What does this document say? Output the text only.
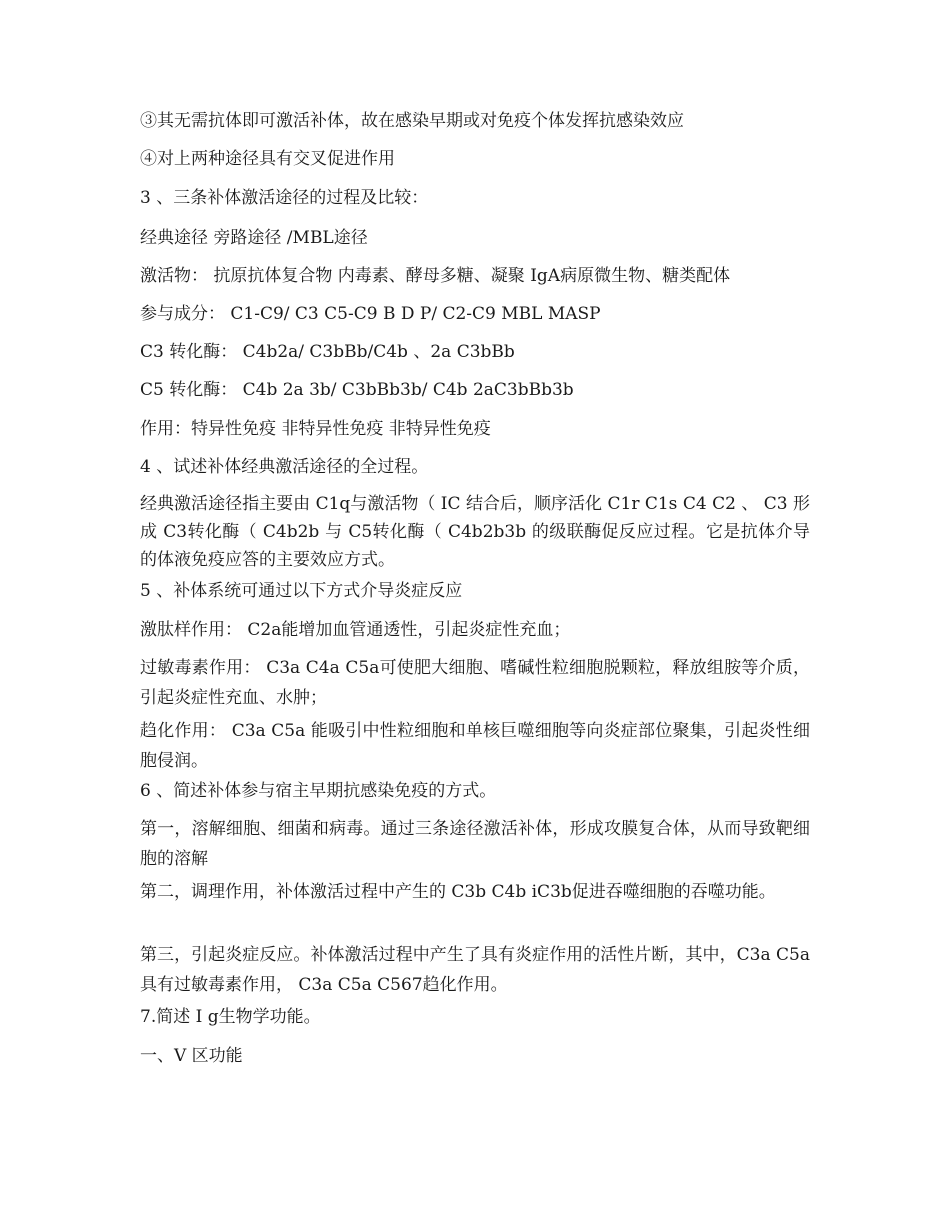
③其无需抗体即可激活补体，故在感染早期或对免疫个体发挥抗感染效应
④对上两种途径具有交叉促进作用
3 、三条补体激活途径的过程及比较：
经典途径 旁路途径 /MBL途径
激活物： 抗原抗体复合物 内毒素、酵母多糖、凝聚 IgA病原微生物、糖类配体
参与成分： C1-C9/ C3 C5-C9 B D P/ C2-C9 MBL MASP
C3 转化酶： C4b2a/ C3bBb/C4b 、2a C3bBb
C5 转化酶： C4b 2a 3b/ C3bBb3b/ C4b 2aC3bBb3b
作用：特异性免疫 非特异性免疫 非特异性免疫
4 、试述补体经典激活途径的全过程。
经典激活途径指主要由 C1q与激活物（ IC 结合后，顺序活化 C1r C1s C4 C2 、 C3 形成 C3转化酶（ C4b2b 与 C5转化酶（ C4b2b3b 的级联酶促反应过程。它是抗体介导的体液免疫应答的主要效应方式。
5 、补体系统可通过以下方式介导炎症反应
激肽样作用： C2a能增加血管通透性，引起炎症性充血；
过敏毒素作用： C3a C4a C5a可使肥大细胞、嗜碱性粒细胞脱颗粒，释放组胺等介质，引起炎症性充血、水肿；
趋化作用： C3a C5a 能吸引中性粒细胞和单核巨噬细胞等向炎症部位聚集，引起炎性细胞侵润。
6 、简述补体参与宿主早期抗感染免疫的方式。
第一，溶解细胞、细菌和病毒。通过三条途径激活补体，形成攻膜复合体，从而导致靶细胞的溶解
第二，调理作用，补体激活过程中产生的 C3b C4b iC3b促进吞噬细胞的吞噬功能。
第三，引起炎症反应。补体激活过程中产生了具有炎症作用的活性片断，其中，C3a C5a具有过敏毒素作用， C3a C5a C567趋化作用。
7.简述 I g生物学功能。
一、V 区功能
